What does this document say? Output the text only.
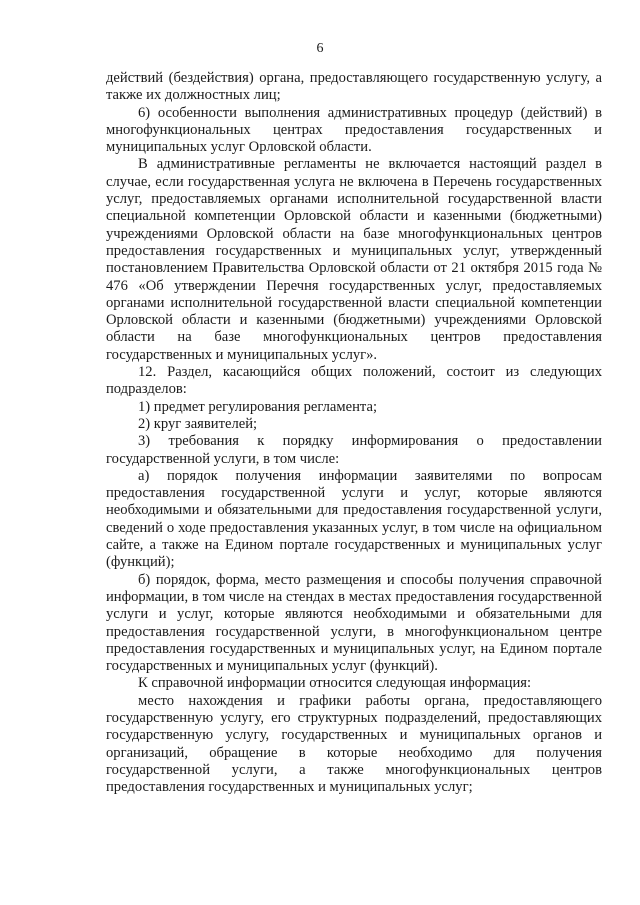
6

действий (бездействия) органа, предоставляющего государственную услугу, а также их должностных лиц;

6) особенности выполнения административных процедур (действий) в многофункциональных центрах предоставления государственных и муниципальных услуг Орловской области.

В административные регламенты не включается настоящий раздел в случае, если государственная услуга не включена в Перечень государственных услуг, предоставляемых органами исполнительной государственной власти специальной компетенции Орловской области и казенными (бюджетными) учреждениями Орловской области на базе многофункциональных центров предоставления государственных и муниципальных услуг, утвержденный постановлением Правительства Орловской области от 21 октября 2015 года № 476 «Об утверждении Перечня государственных услуг, предоставляемых органами исполнительной государственной власти специальной компетенции Орловской области и казенными (бюджетными) учреждениями Орловской области на базе многофункциональных центров предоставления государственных и муниципальных услуг».

12. Раздел, касающийся общих положений, состоит из следующих подразделов:

1) предмет регулирования регламента;

2) круг заявителей;

3) требования к порядку информирования о предоставлении государственной услуги, в том числе:

а) порядок получения информации заявителями по вопросам предоставления государственной услуги и услуг, которые являются необходимыми и обязательными для предоставления государственной услуги, сведений о ходе предоставления указанных услуг, в том числе на официальном сайте, а также на Едином портале государственных и муниципальных услуг (функций);

б) порядок, форма, место размещения и способы получения справочной информации, в том числе на стендах в местах предоставления государственной услуги и услуг, которые являются необходимыми и обязательными для предоставления государственной услуги, в многофункциональном центре предоставления государственных и муниципальных услуг, на Едином портале государственных и муниципальных услуг (функций).

К справочной информации относится следующая информация:

место нахождения и графики работы органа, предоставляющего государственную услугу, его структурных подразделений, предоставляющих государственную услугу, государственных и муниципальных органов и организаций, обращение в которые необходимо для получения государственной услуги, а также многофункциональных центров предоставления государственных и муниципальных услуг;
